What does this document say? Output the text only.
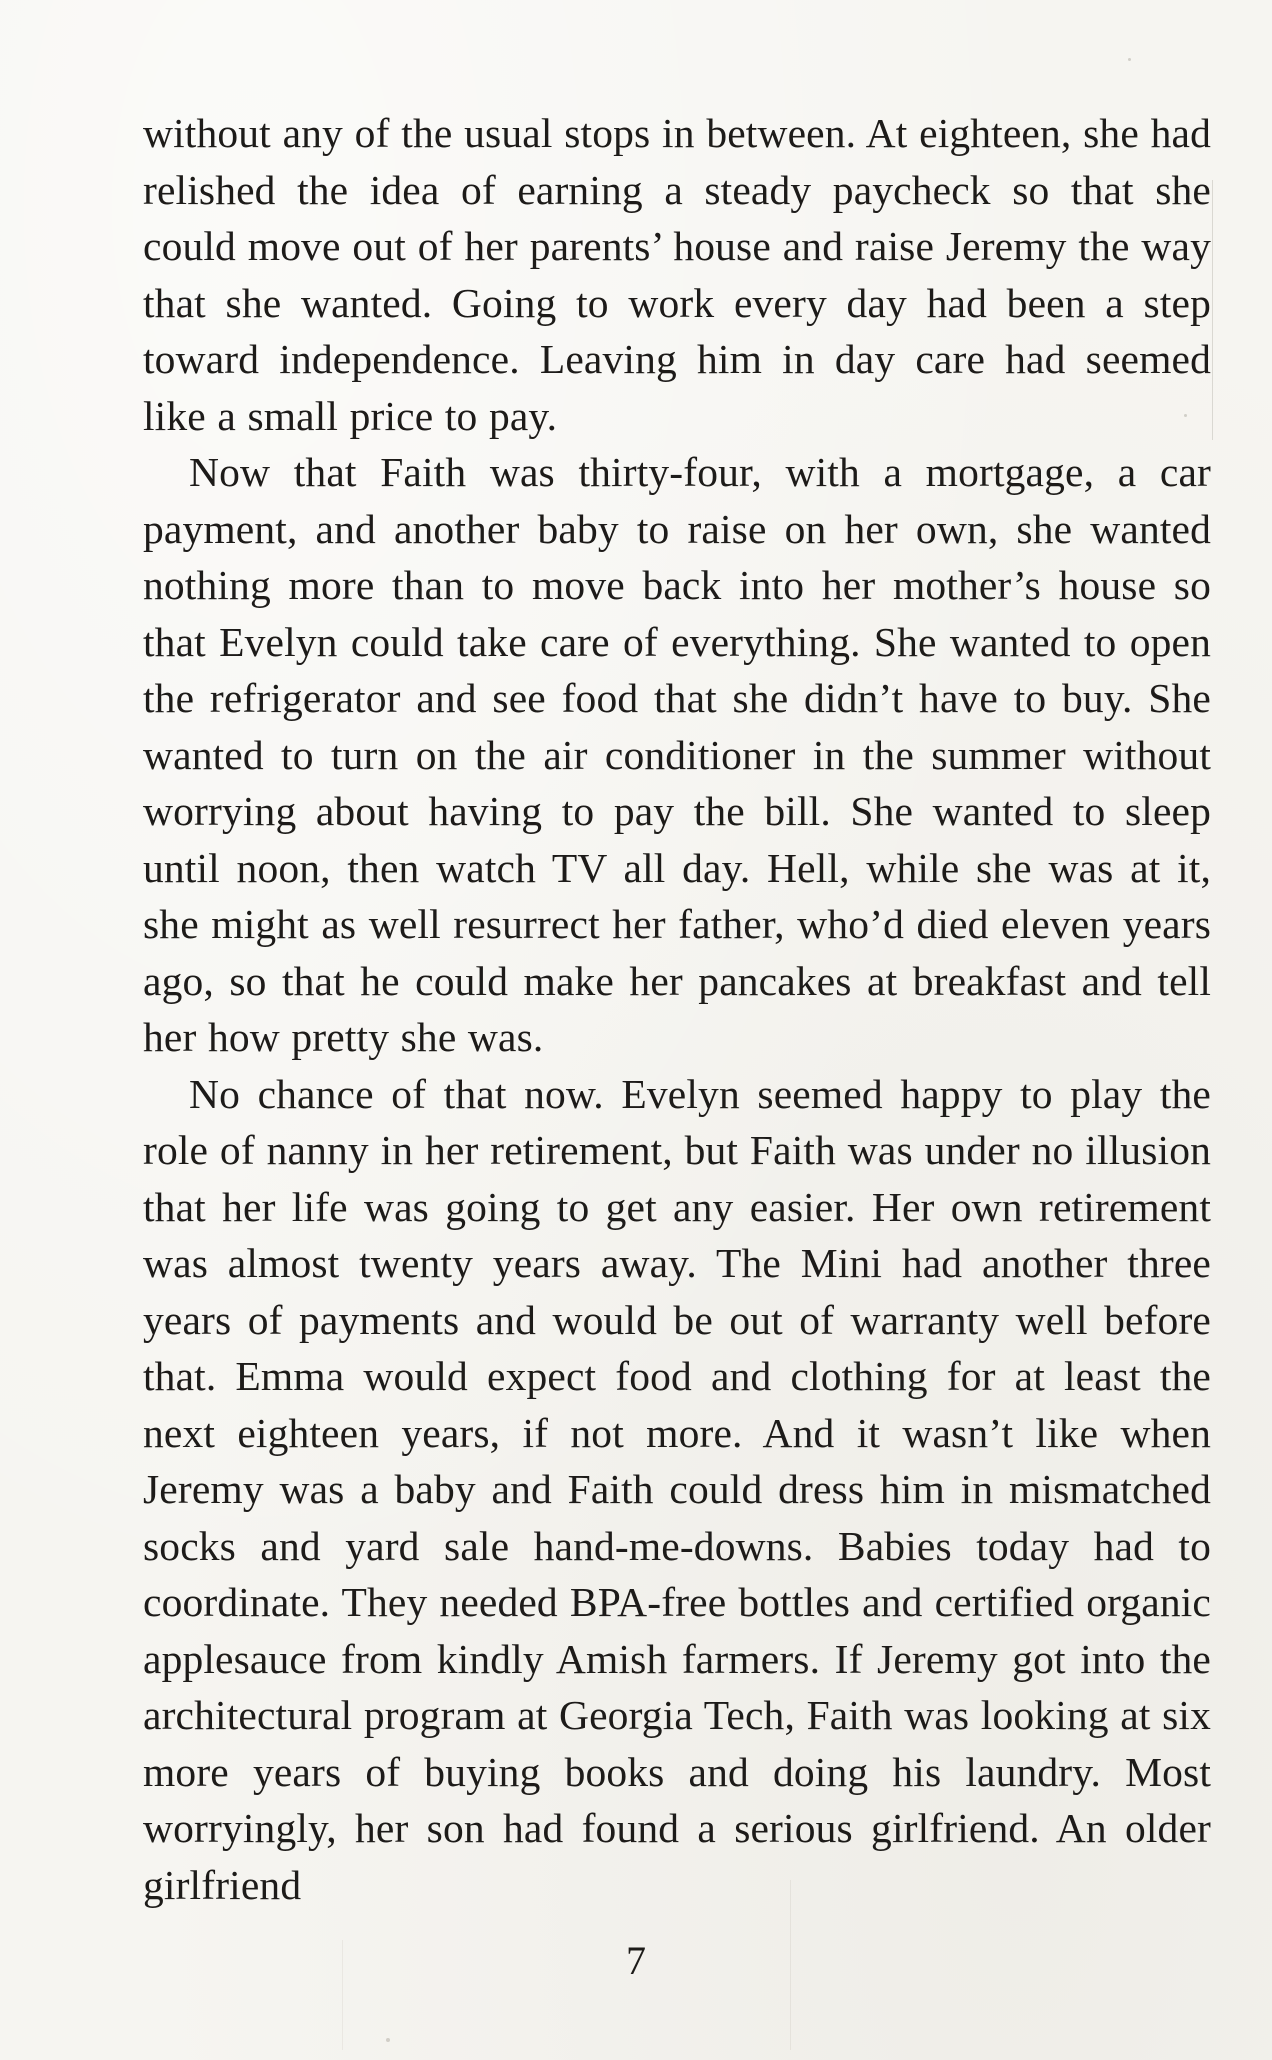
without any of the usual stops in between. At eighteen, she had relished the idea of earning a steady paycheck so that she could move out of her parents’ house and raise Jeremy the way that she wanted. Going to work every day had been a step toward independence. Leaving him in day care had seemed like a small price to pay.

Now that Faith was thirty-four, with a mortgage, a car payment, and another baby to raise on her own, she wanted nothing more than to move back into her mother’s house so that Evelyn could take care of everything. She wanted to open the refrigerator and see food that she didn’t have to buy. She wanted to turn on the air conditioner in the summer without worrying about having to pay the bill. She wanted to sleep until noon, then watch TV all day. Hell, while she was at it, she might as well resurrect her father, who’d died eleven years ago, so that he could make her pancakes at breakfast and tell her how pretty she was.

No chance of that now. Evelyn seemed happy to play the role of nanny in her retirement, but Faith was under no illusion that her life was going to get any easier. Her own retirement was almost twenty years away. The Mini had another three years of payments and would be out of warranty well before that. Emma would expect food and clothing for at least the next eighteen years, if not more. And it wasn’t like when Jeremy was a baby and Faith could dress him in mismatched socks and yard sale hand-me-downs. Babies today had to coordinate. They needed BPA-free bottles and certified organic applesauce from kindly Amish farmers. If Jeremy got into the architectural program at Georgia Tech, Faith was looking at six more years of buying books and doing his laundry. Most worryingly, her son had found a serious girlfriend. An older girlfriend

7
